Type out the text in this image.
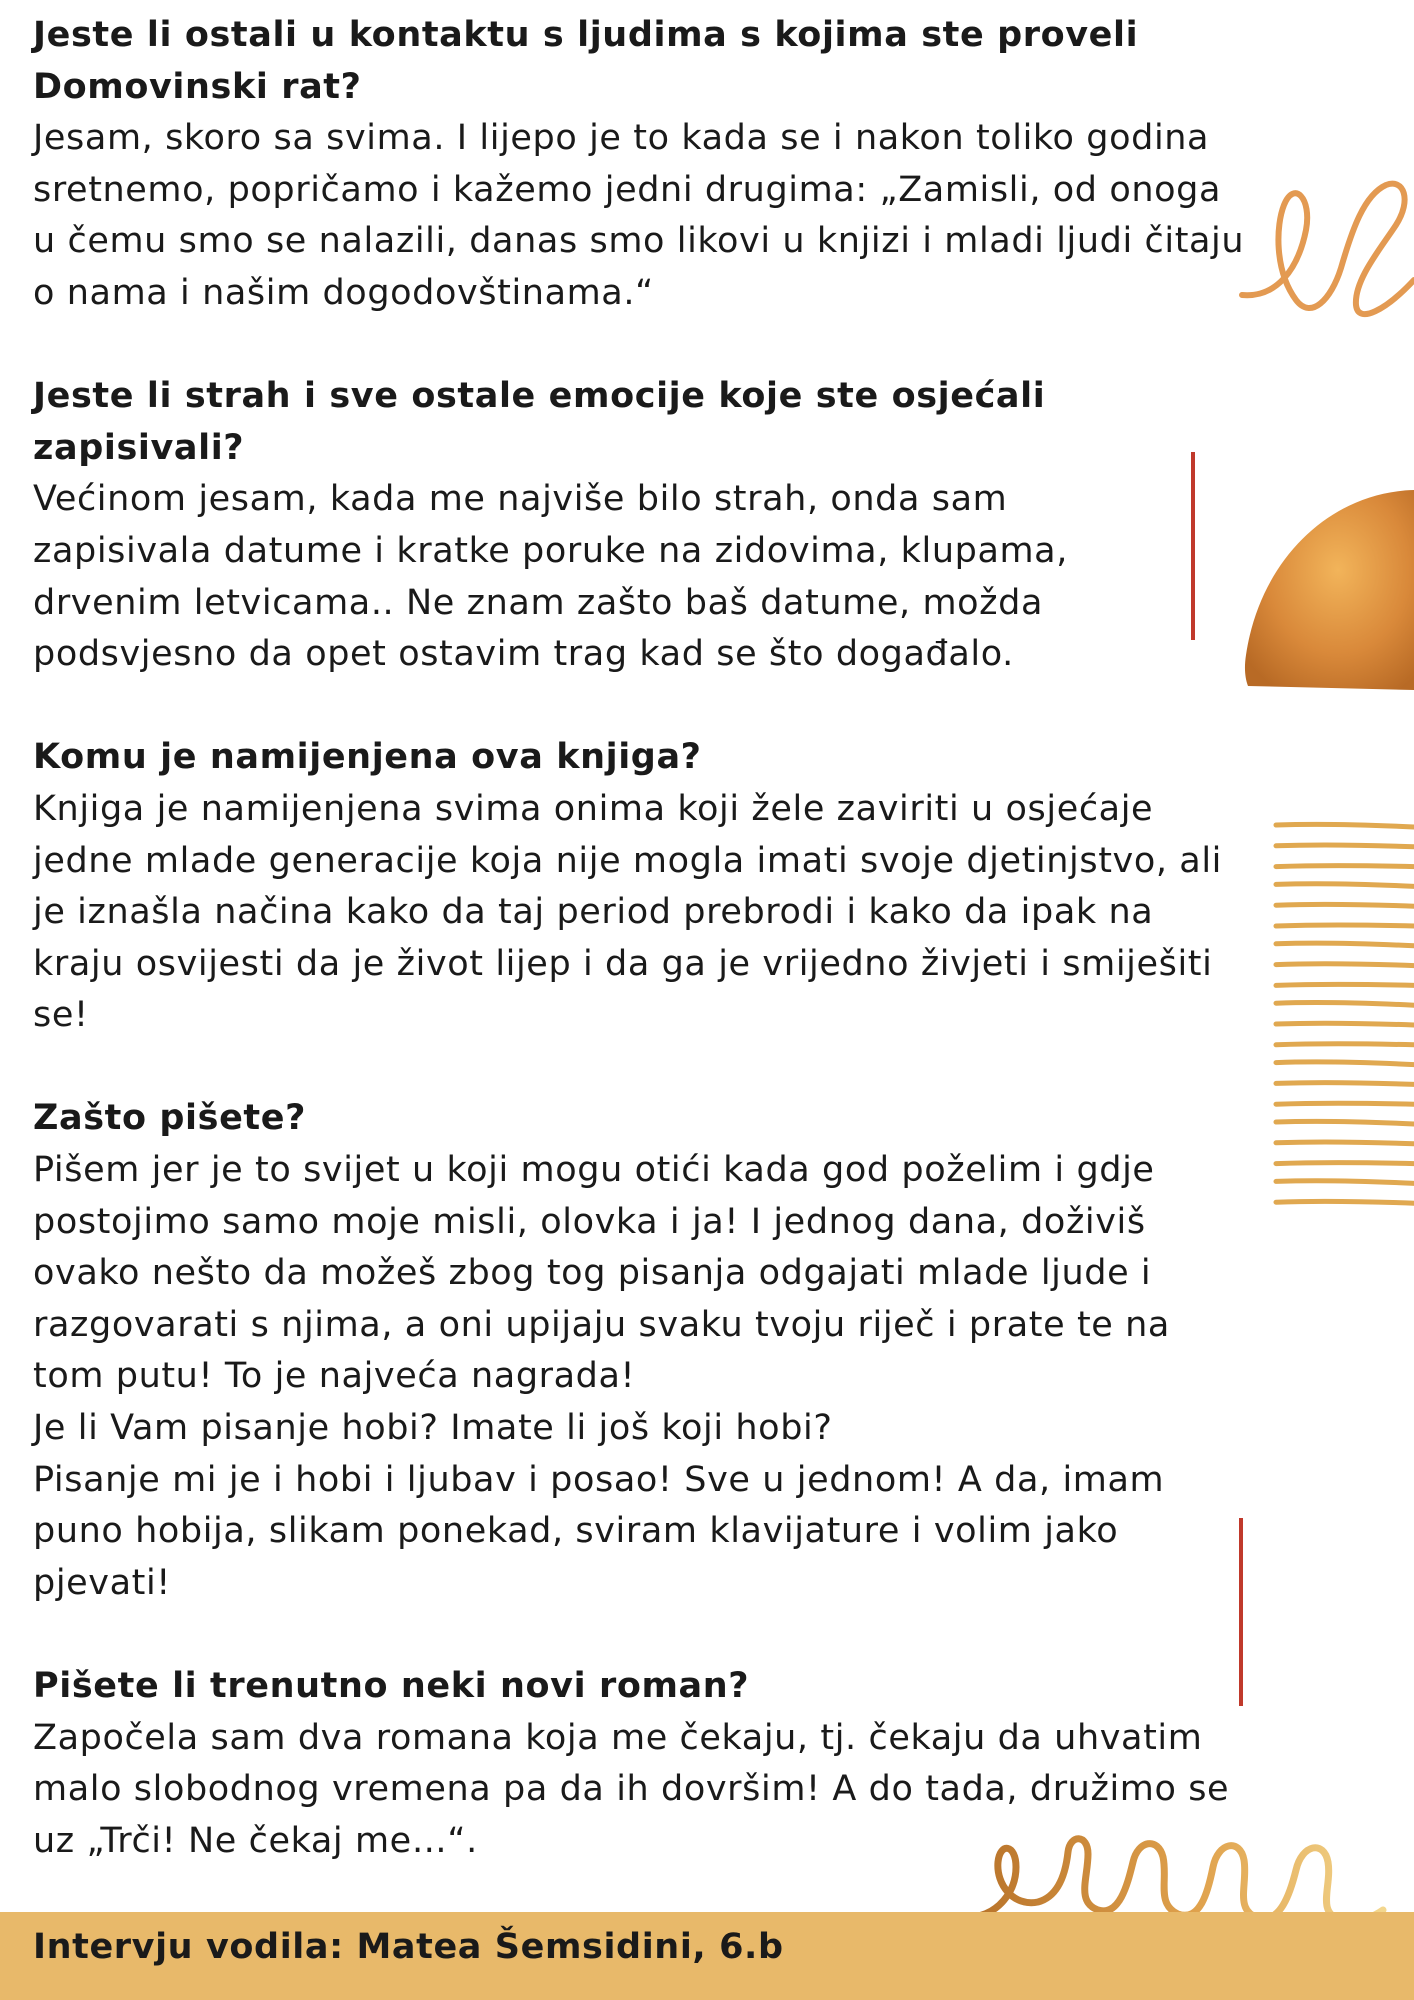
Jeste li ostali u kontaktu s ljudima s kojima ste proveli Domovinski rat?

Jesam, skoro sa svima. I lijepo je to kada se i nakon toliko godina sretnemo, popričamo i kažemo jedni drugima: „Zamisli, od onoga u čemu smo se nalazili, danas smo likovi u knjizi i mladi ljudi čitaju o nama i našim dogodovštinama.“

Jeste li strah i sve ostale emocije koje ste osjećali zapisivali?

Većinom jesam, kada me najviše bilo strah, onda sam zapisivala datume i kratke poruke na zidovima, klupama, drvenim letvicama.. Ne znam zašto baš datume, možda podsvjesno da opet ostavim trag kad se što događalo.

Komu je namijenjena ova knjiga?

Knjiga je namijenjena svima onima koji žele zaviriti u osjećaje jedne mlade generacije koja nije mogla imati svoje djetinjstvo, ali je iznašla načina kako da taj period prebrodi i kako da ipak na kraju osvijesti da je život lijep i da ga je vrijedno živjeti i smiješiti se!

Zašto pišete?

Pišem jer je to svijet u koji mogu otići kada god poželim i gdje postojimo samo moje misli, olovka i ja! I jednog dana, doživiš ovako nešto da možeš zbog tog pisanja odgajati mlade ljude i razgovarati s njima, a oni upijaju svaku tvoju riječ i prate te na tom putu! To je najveća nagrada!

Je li Vam pisanje hobi? Imate li još koji hobi?

Pisanje mi je i hobi i ljubav i posao! Sve u jednom! A da, imam puno hobija, slikam ponekad, sviram klavijature i volim jako pjevati!

Pišete li trenutno neki novi roman?

Započela sam dva romana koja me čekaju, tj. čekaju da uhvatim malo slobodnog vremena pa da ih dovršim! A do tada, družimo se uz „Trči! Ne čekaj me…“.

Intervju vodila: Matea Šemsidini, 6.b
